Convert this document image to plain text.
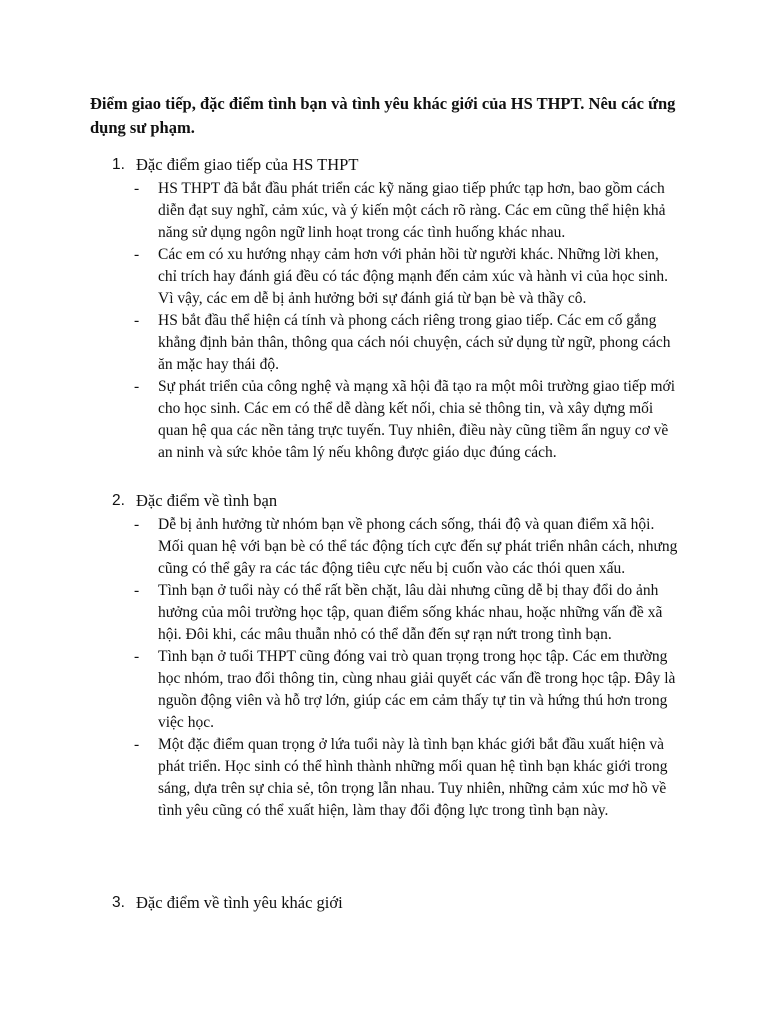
Điểm giao tiếp, đặc điểm tình bạn và tình yêu khác giới của HS THPT. Nêu các ứng dụng sư phạm.
1. Đặc điểm giao tiếp của HS THPT
-	HS THPT đã bắt đầu phát triển các kỹ năng giao tiếp phức tạp hơn, bao gồm cách diễn đạt suy nghĩ, cảm xúc, và ý kiến một cách rõ ràng. Các em cũng thể hiện khả năng sử dụng ngôn ngữ linh hoạt trong các tình huống khác nhau.
-	Các em có xu hướng nhạy cảm hơn với phản hồi từ người khác. Những lời khen, chỉ trích hay đánh giá đều có tác động mạnh đến cảm xúc và hành vi của học sinh. Vì vậy, các em dễ bị ảnh hưởng bởi sự đánh giá từ bạn bè và thầy cô.
-	HS bắt đầu thể hiện cá tính và phong cách riêng trong giao tiếp. Các em cố gắng khẳng định bản thân, thông qua cách nói chuyện, cách sử dụng từ ngữ, phong cách ăn mặc hay thái độ.
-	Sự phát triển của công nghệ và mạng xã hội đã tạo ra một môi trường giao tiếp mới cho học sinh. Các em có thể dễ dàng kết nối, chia sẻ thông tin, và xây dựng mối quan hệ qua các nền tảng trực tuyến. Tuy nhiên, điều này cũng tiềm ẩn nguy cơ về an ninh và sức khỏe tâm lý nếu không được giáo dục đúng cách.
2. Đặc điểm về tình bạn
-	Dễ bị ảnh hưởng từ nhóm bạn về phong cách sống, thái độ và quan điểm xã hội. Mối quan hệ với bạn bè có thể tác động tích cực đến sự phát triển nhân cách, nhưng cũng có thể gây ra các tác động tiêu cực nếu bị cuốn vào các thói quen xấu.
-	Tình bạn ở tuổi này có thể rất bền chặt, lâu dài nhưng cũng dễ bị thay đổi do ảnh hưởng của môi trường học tập, quan điểm sống khác nhau, hoặc những vấn đề xã hội. Đôi khi, các mâu thuẫn nhỏ có thể dẫn đến sự rạn nứt trong tình bạn.
-	Tình bạn ở tuổi THPT cũng đóng vai trò quan trọng trong học tập. Các em thường học nhóm, trao đổi thông tin, cùng nhau giải quyết các vấn đề trong học tập. Đây là nguồn động viên và hỗ trợ lớn, giúp các em cảm thấy tự tin và hứng thú hơn trong việc học.
-	Một đặc điểm quan trọng ở lứa tuổi này là tình bạn khác giới bắt đầu xuất hiện và phát triển. Học sinh có thể hình thành những mối quan hệ tình bạn khác giới trong sáng, dựa trên sự chia sẻ, tôn trọng lẫn nhau. Tuy nhiên, những cảm xúc mơ hồ về tình yêu cũng có thể xuất hiện, làm thay đổi động lực trong tình bạn này.
3. Đặc điểm về tình yêu khác giới
